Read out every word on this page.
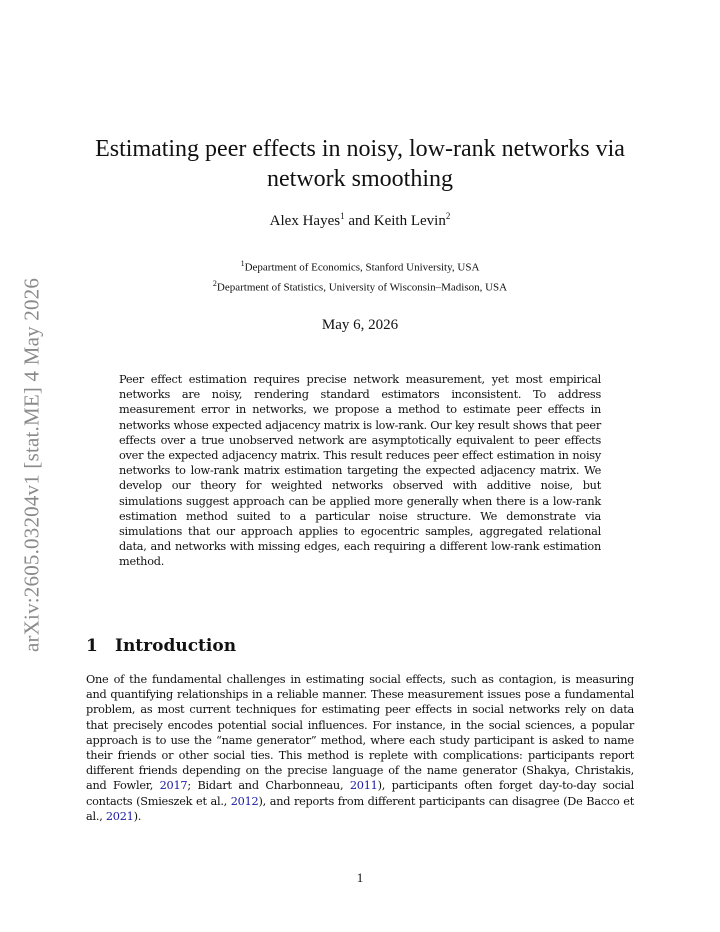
arXiv:2605.03204v1 [stat.ME] 4 May 2026
Estimating peer effects in noisy, low-rank networks via network smoothing
Alex Hayes$^1$ and Keith Levin$^2$
$^1$Department of Economics, Stanford University, USA
$^2$Department of Statistics, University of Wisconsin–Madison, USA
May 6, 2026

Peer effect estimation requires precise network measurement, yet most empirical networks are noisy, rendering standard estimators inconsistent. To address measurement error in networks, we propose a method to estimate peer effects in networks whose expected adjacency matrix is low-rank. Our key result shows that peer effects over a true unobserved network are asymptotically equivalent to peer effects over the expected adjacency matrix. This result reduces peer effect estimation in noisy networks to low-rank matrix estimation targeting the expected adjacency matrix. We develop our theory for weighted networks observed with additive noise, but simulations suggest approach can be applied more generally when there is a low-rank estimation method suited to a particular noise structure. We demonstrate via simulations that our approach applies to egocentric samples, aggregated relational data, and networks with missing edges, each requiring a different low-rank estimation method.

1 Introduction

One of the fundamental challenges in estimating social effects, such as contagion, is measuring and quantifying relationships in a reliable manner. These measurement issues pose a fundamental problem, as most current techniques for estimating peer effects in social networks rely on data that precisely encodes potential social influences. For instance, in the social sciences, a popular approach is to use the “name generator” method, where each study participant is asked to name their friends or other social ties. This method is replete with complications: participants report different friends depending on the precise language of the name generator (Shakya, Christakis, and Fowler, 2017; Bidart and Charbonneau, 2011), participants often forget day-to-day social contacts (Smieszek et al., 2012), and reports from different participants can disagree (De Bacco et al., 2021).

1
